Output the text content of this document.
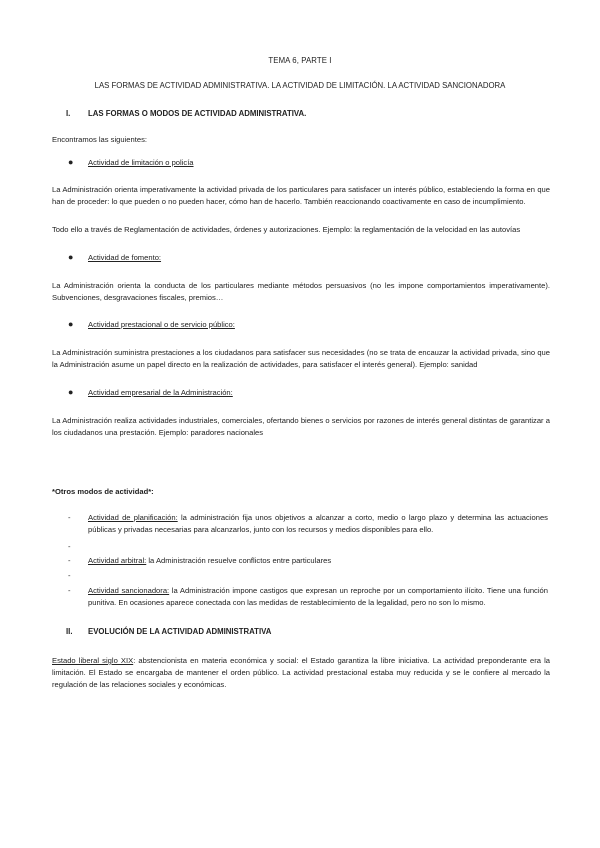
TEMA 6, PARTE I
LAS FORMAS DE ACTIVIDAD ADMINISTRATIVA. LA ACTIVIDAD DE LIMITACIÓN. LA ACTIVIDAD SANCIONADORA
I. LAS FORMAS O MODOS DE ACTIVIDAD ADMINISTRATIVA.
Encontramos las siguientes:
● Actividad de limitación o policía
La Administración orienta imperativamente la actividad privada de los particulares para satisfacer un interés público, estableciendo la forma en que han de proceder: lo que pueden o no pueden hacer, cómo han de hacerlo. También reaccionando coactivamente en caso de incumplimiento.
Todo ello a través de Reglamentación de actividades, órdenes y autorizaciones. Ejemplo: la reglamentación de la velocidad en las autovías
● Actividad de fomento:
La Administración orienta la conducta de los particulares mediante métodos persuasivos (no les impone comportamientos imperativamente). Subvenciones, desgravaciones fiscales, premios…
● Actividad prestacional o de servicio público:
La Administración suministra prestaciones a los ciudadanos para satisfacer sus necesidades (no se trata de encauzar la actividad privada, sino que la Administración asume un papel directo en la realización de actividades, para satisfacer el interés general). Ejemplo: sanidad
● Actividad empresarial de la Administración:
La Administración realiza actividades industriales, comerciales, ofertando bienes o servicios por razones de interés general distintas de garantizar a los ciudadanos una prestación. Ejemplo: paradores nacionales
*Otros modos de actividad*:
- Actividad de planificación: la administración fija unos objetivos a alcanzar a corto, medio o largo plazo y determina las actuaciones públicas y privadas necesarias para alcanzarlos, junto con los recursos y medios disponibles para ello.
-
- Actividad arbitral: la Administración resuelve conflictos entre particulares
-
- Actividad sancionadora: la Administración impone castigos que expresan un reproche por un comportamiento ilícito. Tiene una función punitiva. En ocasiones aparece conectada con las medidas de restablecimiento de la legalidad, pero no son lo mismo.
II. EVOLUCIÓN DE LA ACTIVIDAD ADMINISTRATIVA
Estado liberal siglo XIX: abstencionista en materia económica y social: el Estado garantiza la libre iniciativa. La actividad preponderante era la limitación. El Estado se encargaba de mantener el orden público. La actividad prestacional estaba muy reducida y se le confiere al mercado la regulación de las relaciones sociales y económicas.
